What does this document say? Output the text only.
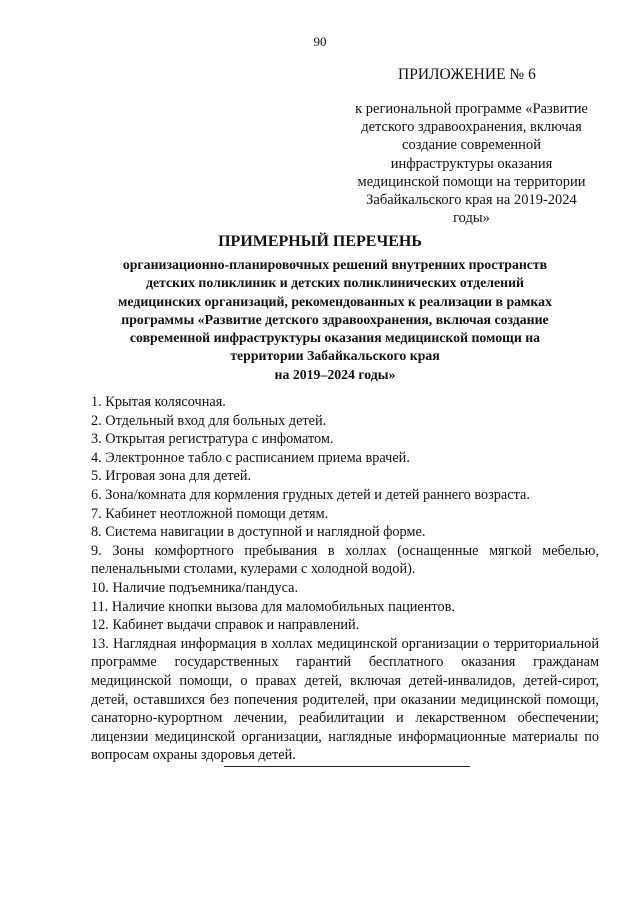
90
ПРИЛОЖЕНИЕ № 6
к региональной программе «Развитие
детского здравоохранения, включая
создание современной
инфраструктуры оказания
медицинской помощи на территории
Забайкальского края на 2019-2024
годы»
ПРИМЕРНЫЙ ПЕРЕЧЕНЬ
организационно-планировочных решений внутренних пространств
детских поликлиник и детских поликлинических отделений
медицинских организаций, рекомендованных к реализации в рамках
программы «Развитие детского здравоохранения, включая создание
современной инфраструктуры оказания медицинской помощи на
территории Забайкальского края
на 2019–2024 годы»
1. Крытая колясочная.
2. Отдельный вход для больных детей.
3. Открытая регистратура с инфоматом.
4. Электронное табло с расписанием приема врачей.
5. Игровая зона для детей.
6. Зона/комната для кормления грудных детей и детей раннего возраста.
7. Кабинет неотложной помощи детям.
8. Система навигации в доступной и наглядной форме.
9. Зоны комфортного пребывания в холлах (оснащенные мягкой мебелью, пеленальными столами, кулерами с холодной водой).
10. Наличие подъемника/пандуса.
11. Наличие кнопки вызова для маломобильных пациентов.
12. Кабинет выдачи справок и направлений.
13. Наглядная информация в холлах медицинской организации о территориальной программе государственных гарантий бесплатного оказания гражданам медицинской помощи, о правах детей, включая детей-инвалидов, детей-сирот, детей, оставшихся без попечения родителей, при оказании медицинской помощи, санаторно-курортном лечении, реабилитации и лекарственном обеспечении; лицензии медицинской организации, наглядные информационные материалы по вопросам охраны здоровья детей.
